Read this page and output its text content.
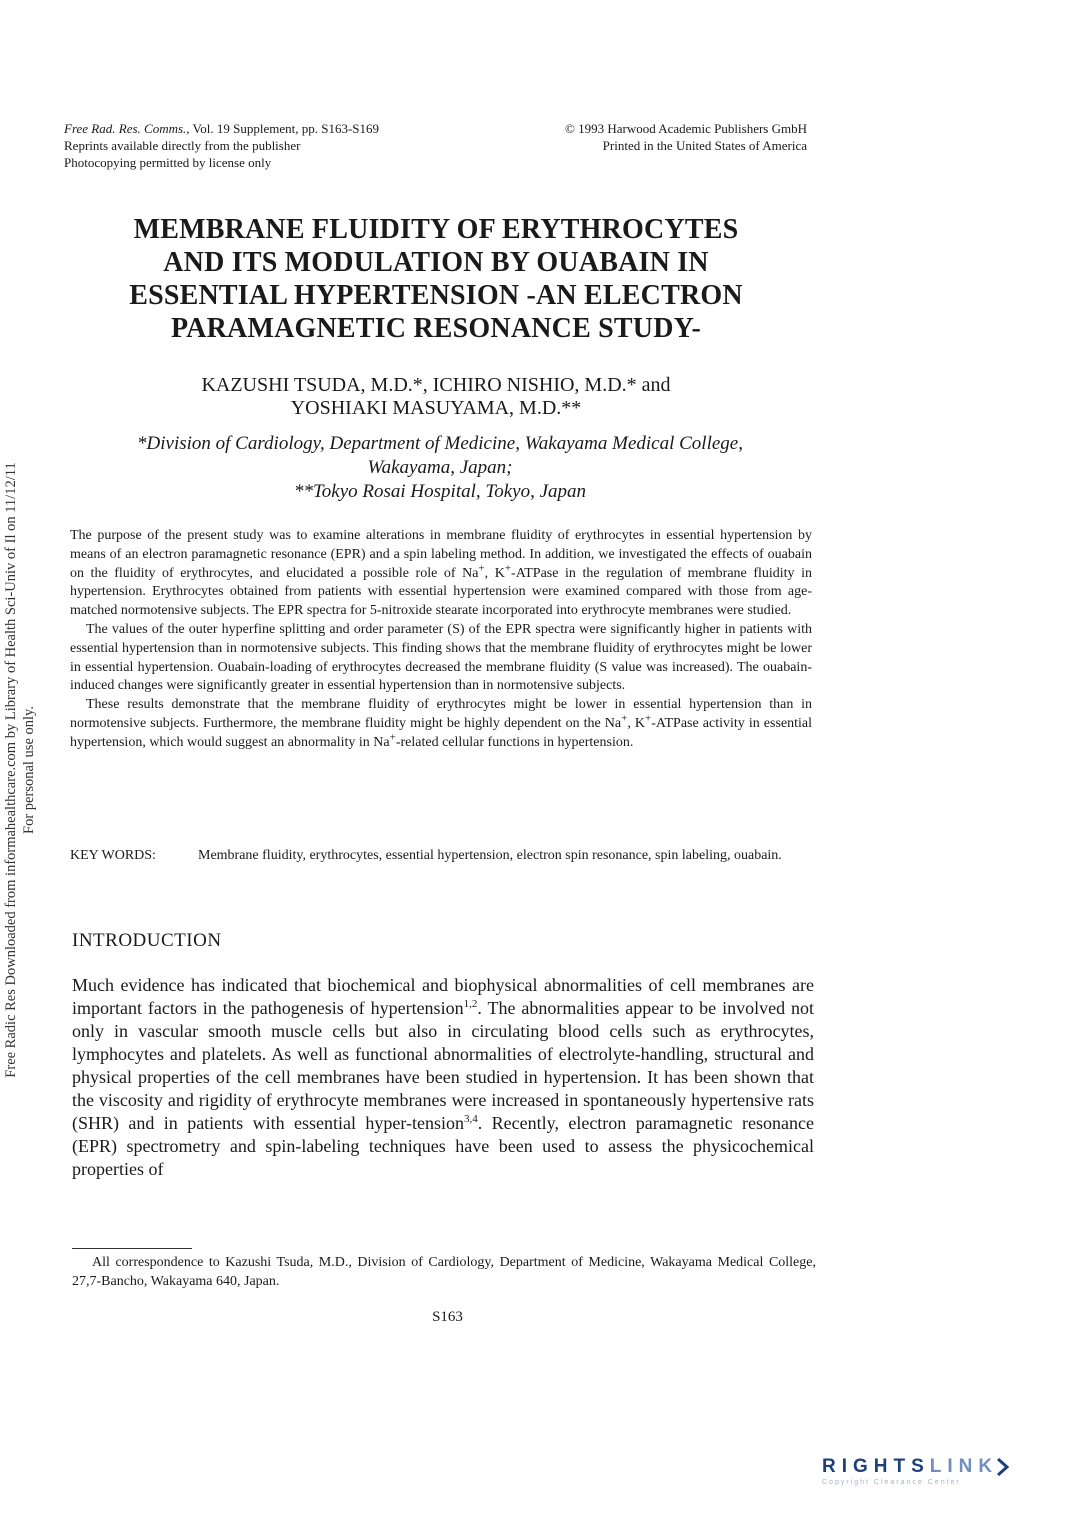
Free Radic Res Downloaded from informahealthcare.com by Library of Health Sci-Univ of Il on 11/12/11 For personal use only.
Free Rad. Res. Comms., Vol. 19 Supplement, pp. S163-S169
Reprints available directly from the publisher
Photocopying permitted by license only
© 1993 Harwood Academic Publishers GmbH
Printed in the United States of America
MEMBRANE FLUIDITY OF ERYTHROCYTES
AND ITS MODULATION BY OUABAIN IN
ESSENTIAL HYPERTENSION -AN ELECTRON
PARAMAGNETIC RESONANCE STUDY-
KAZUSHI TSUDA, M.D.*, ICHIRO NISHIO, M.D.* and
YOSHIAKI MASUYAMA, M.D.**
*Division of Cardiology, Department of Medicine, Wakayama Medical College,
Wakayama, Japan;
**Tokyo Rosai Hospital, Tokyo, Japan

The purpose of the present study was to examine alterations in membrane fluidity of erythrocytes in essential hypertension by means of an electron paramagnetic resonance (EPR) and a spin labeling method. In addition, we investigated the effects of ouabain on the fluidity of erythrocytes, and elucidated a possible role of Na+, K+-ATPase in the regulation of membrane fluidity in hypertension. Erythrocytes obtained from patients with essential hypertension were examined compared with those from age-matched normotensive subjects. The EPR spectra for 5-nitroxide stearate incorporated into erythrocyte membranes were studied.

The values of the outer hyperfine splitting and order parameter (S) of the EPR spectra were significantly higher in patients with essential hypertension than in normotensive subjects. This finding shows that the membrane fluidity of erythrocytes might be lower in essential hypertension. Ouabain-loading of erythrocytes decreased the membrane fluidity (S value was increased). The ouabain-induced changes were significantly greater in essential hypertension than in normotensive subjects.

These results demonstrate that the membrane fluidity of erythrocytes might be lower in essential hypertension than in normotensive subjects. Furthermore, the membrane fluidity might be highly dependent on the Na+, K+-ATPase activity in essential hypertension, which would suggest an abnormality in Na+-related cellular functions in hypertension.

KEY WORDS:	Membrane fluidity, erythrocytes, essential hypertension, electron spin resonance, spin labeling, ouabain.
INTRODUCTION

Much evidence has indicated that biochemical and biophysical abnormalities of cell membranes are important factors in the pathogenesis of hypertension$^{1,2}$. The abnormalities appear to be involved not only in vascular smooth muscle cells but also in circulating blood cells such as erythrocytes, lymphocytes and platelets. As well as functional abnormalities of electrolyte-handling, structural and physical properties of the cell membranes have been studied in hypertension. It has been shown that the viscosity and rigidity of erythrocyte membranes were increased in spontaneously hypertensive rats (SHR) and in patients with essential hyper-tension$^{3,4}$. Recently, electron paramagnetic resonance (EPR) spectrometry and spin-labeling techniques have been used to assess the physicochemical properties of

All correspondence to Kazushi Tsuda, M.D., Division of Cardiology, Department of Medicine, Wakayama Medical College, 27,7-Bancho, Wakayama 640, Japan.

S163
RIGHTSLINK
Copyright Clearance Center
